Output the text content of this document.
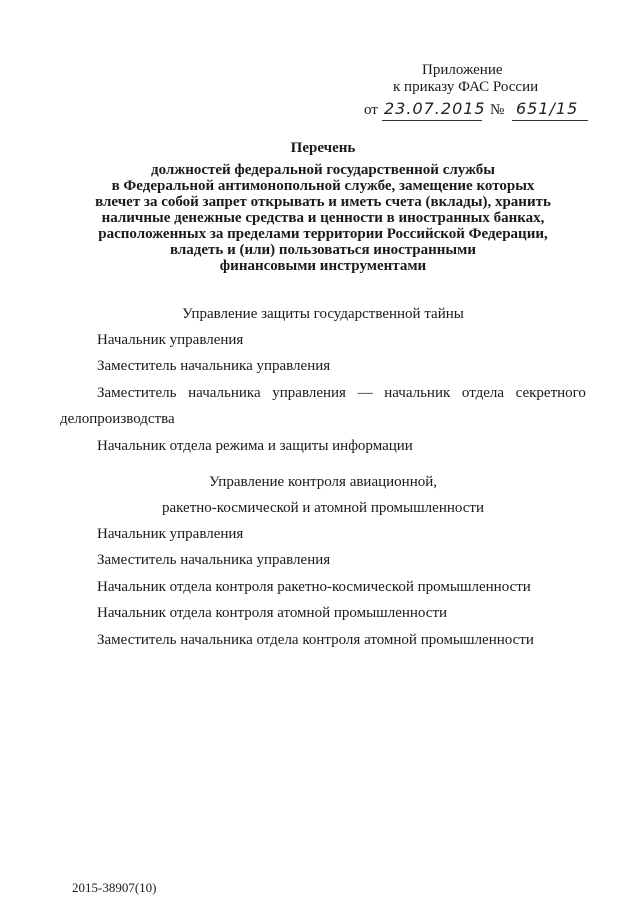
Приложение
к приказу ФАС России
от 23.07.2015 № 651/15
Перечень
должностей федеральной государственной службы
в Федеральной антимонопольной службе, замещение которых
влечет за собой запрет открывать и иметь счета (вклады), хранить
наличные денежные средства и ценности в иностранных банках,
расположенных за пределами территории Российской Федерации,
владеть и (или) пользоваться иностранными
финансовыми инструментами
Управление защиты государственной тайны
Начальник управления
Заместитель начальника управления
Заместитель начальника управления — начальник отдела секретного
делопроизводства
Начальник отдела режима и защиты информации
Управление контроля авиационной,
ракетно-космической и атомной промышленности
Начальник управления
Заместитель начальника управления
Начальник отдела контроля ракетно-космической промышленности
Начальник отдела контроля атомной промышленности
Заместитель начальника отдела контроля атомной промышленности
2015-38907(10)
